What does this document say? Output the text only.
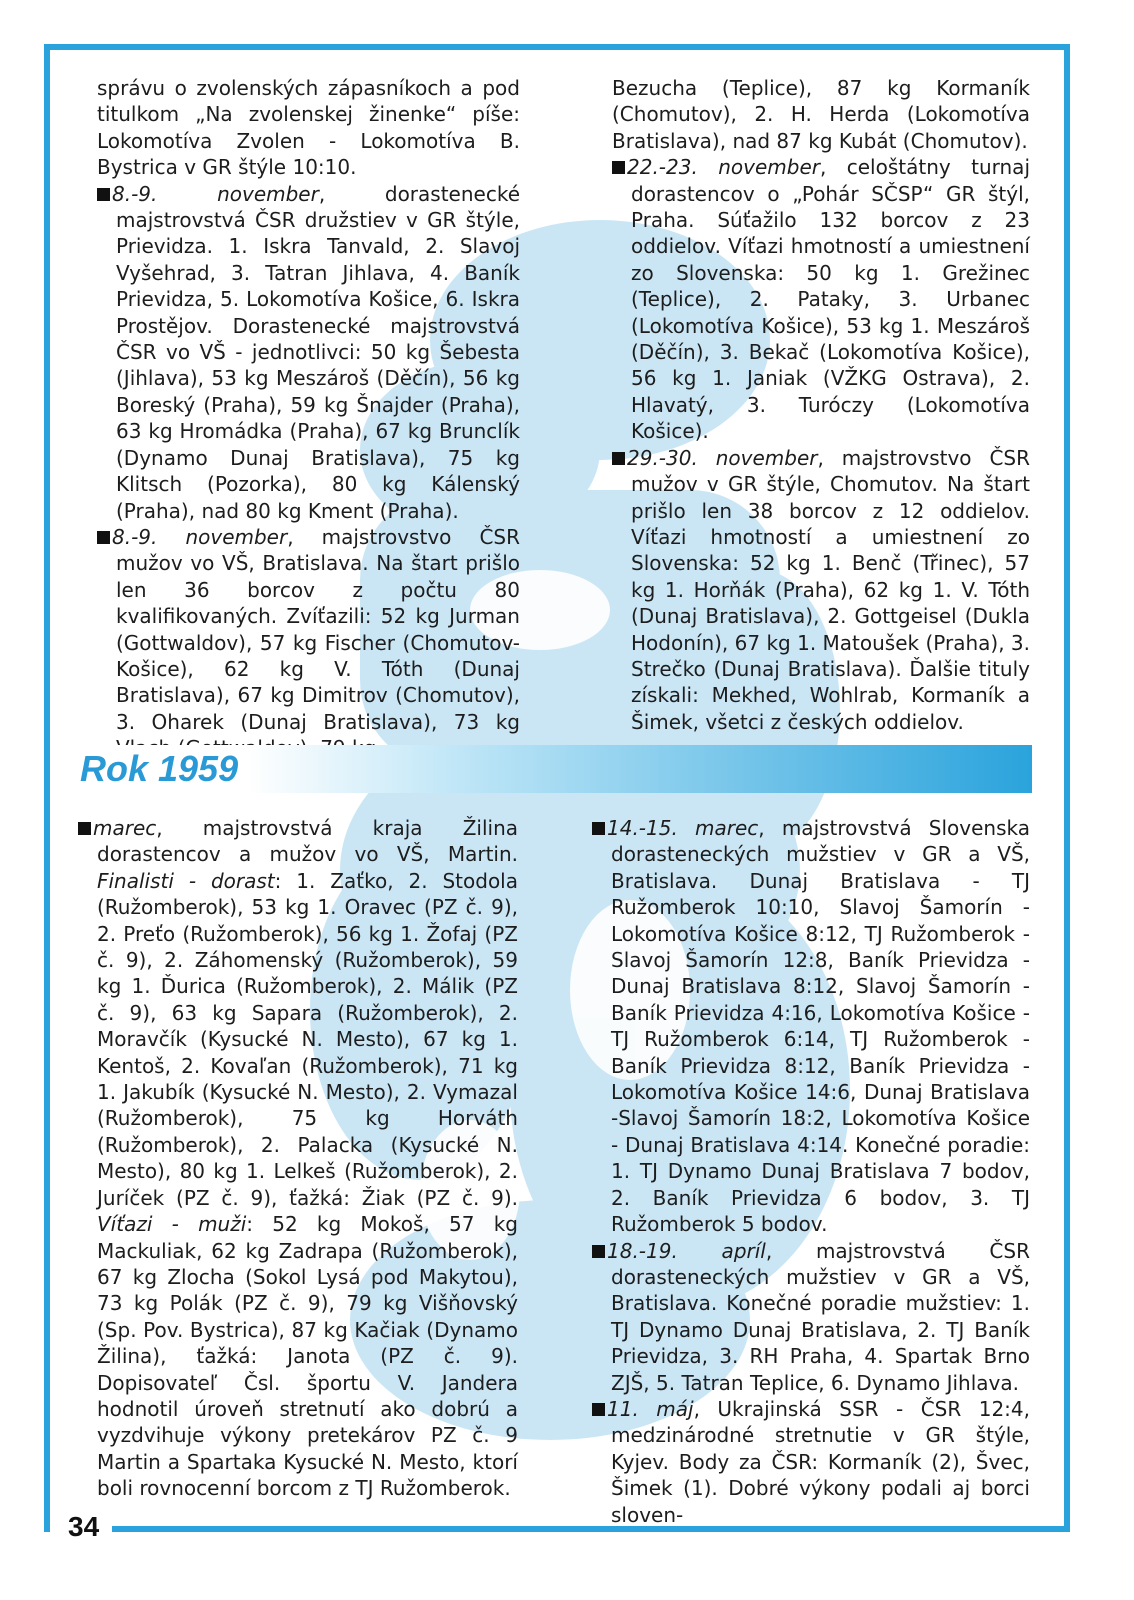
správu o zvolenských zápasníkoch a pod titulkom „Na zvolenskej žinenke“ píše: Lokomotíva Zvolen - Lokomotíva B. Bystrica v GR štýle 10:10.

8.-9. november, dorastenecké majstrovstvá ČSR družstiev v GR štýle, Prievidza. 1. Iskra Tanvald, 2. Slavoj Vyšehrad, 3. Tatran Jihlava, 4. Baník Prievidza, 5. Lokomotíva Košice, 6. Iskra Prostějov. Dorastenecké majstrovstvá ČSR vo VŠ - jednotlivci: 50 kg Šebesta (Jihlava), 53 kg Meszároš (Děčín), 56 kg Boreský (Praha), 59 kg Šnajder (Praha), 63 kg Hromádka (Praha), 67 kg Brunclík (Dynamo Dunaj Bratislava), 75 kg Klitsch (Pozorka), 80 kg Kálenský (Praha), nad 80 kg Kment (Praha).

8.-9. november, majstrovstvo ČSR mužov vo VŠ, Bratislava. Na štart prišlo len 36 borcov z počtu 80 kvalifikovaných. Zvíťazili: 52 kg Jurman (Gottwaldov), 57 kg Fischer (Chomutov-Košice), 62 kg V. Tóth (Dunaj Bratislava), 67 kg Dimitrov (Chomutov), 3. Oharek (Dunaj Bratislava), 73 kg

Bezucha (Teplice), 87 kg Kormaník (Chomutov), 2. H. Herda (Lokomotíva Bratislava), nad 87 kg Kubát (Chomutov).

22.-23. november, celoštátny turnaj dorastencov o „Pohár SČSP“ GR štýl, Praha. Súťažilo 132 borcov z 23 oddielov. Víťazi hmotností a umiestnení zo Slovenska: 50 kg 1. Grežinec (Teplice), 2. Pataky, 3. Urbanec (Lokomotíva Košice), 53 kg 1. Meszároš (Děčín), 3. Bekač (Lokomotíva Košice), 56 kg 1. Janiak (VŽKG Ostrava), 2. Hlavatý, 3. Turóczy (Lokomotíva Košice).

29.-30. november, majstrovstvo ČSR mužov v GR štýle, Chomutov. Na štart prišlo len 38 borcov z 12 oddielov. Víťazi hmotností a umiestnení zo Slovenska: 52 kg 1. Benč (Třinec), 57 kg 1. Horňák (Praha), 62 kg 1. V. Tóth (Dunaj Bratislava), 2. Gottgeisel (Dukla Hodonín), 67 kg 1. Matoušek (Praha), 3. Strečko (Dunaj Bratislava). Ďalšie tituly získali: Mekhed, Wohlrab, Kormaník a Šimek, všetci z českých oddielov.

Rok 1959

marec, majstrovstvá kraja Žilina dorastencov a mužov vo VŠ, Martin. Finalisti - dorast: 1. Zaťko, 2. Stodola (Ružomberok), 53 kg 1. Oravec (PZ č. 9), 2. Preťo (Ružomberok), 56 kg 1. Žofaj (PZ č. 9), 2. Záhomenský (Ružomberok), 59 kg 1. Ďurica (Ružomberok), 2. Málik (PZ č. 9), 63 kg Sapara (Ružomberok), 2. Moravčík (Kysucké N. Mesto), 67 kg 1. Kentoš, 2. Kovaľan (Ružomberok), 71 kg 1. Jakubík (Kysucké N. Mesto), 2. Vymazal (Ružomberok), 75 kg Horváth (Ružomberok), 2. Palacka (Kysucké N. Mesto), 80 kg 1. Lelkeš (Ružomberok), 2. Juríček (PZ č. 9), ťažká: Žiak (PZ č. 9). Víťazi - muži: 52 kg Mokoš, 57 kg Mackuliak, 62 kg Zadrapa (Ružomberok), 67 kg Zlocha (Sokol Lysá pod Makytou), 73 kg Polák (PZ č. 9), 79 kg Višňovský (Sp. Pov. Bystrica), 87 kg Kačiak (Dynamo Žilina), ťažká: Janota (PZ č. 9). Dopisovateľ Čsl. športu V. Jandera hodnotil úroveň stretnutí ako dobrú a vyzdvihuje výkony pretekárov PZ č. 9 Martin a Spartaka Kysucké N. Mesto, ktorí boli rovnocenní borcom z TJ Ružomberok.

14.-15. marec, majstrovstvá Slovenska dorasteneckých mužstiev v GR a VŠ, Bratislava. Dunaj Bratislava - TJ Ružomberok 10:10, Slavoj Šamorín -Lokomotíva Košice 8:12, TJ Ružomberok - Slavoj Šamorín 12:8, Baník Prievidza - Dunaj Bratislava 8:12, Slavoj Šamorín - Baník Prievidza 4:16, Lokomotíva Košice - TJ Ružomberok 6:14, TJ Ružomberok - Baník Prievidza 8:12, Baník Prievidza - Lokomotíva Košice 14:6, Dunaj Bratislava -Slavoj Šamorín 18:2, Lokomotíva Košice - Dunaj Bratislava 4:14. Konečné poradie: 1. TJ Dynamo Dunaj Bratislava 7 bodov, 2. Baník Prievidza 6 bodov, 3. TJ Ružomberok 5 bodov.

18.-19. apríl, majstrovstvá ČSR dorasteneckých mužstiev v GR a VŠ, Bratislava. Konečné poradie mužstiev: 1. TJ Dynamo Dunaj Bratislava, 2. TJ Baník Prievidza, 3. RH Praha, 4. Spartak Brno ZJŠ, 5. Tatran Teplice, 6. Dynamo Jihlava.

11. máj, Ukrajinská SSR - ČSR 12:4, medzinárodné stretnutie v GR štýle, Kyjev. Body za ČSR: Kormaník (2), Švec, Šimek (1). Dobré výkony podali aj borci sloven-

34
